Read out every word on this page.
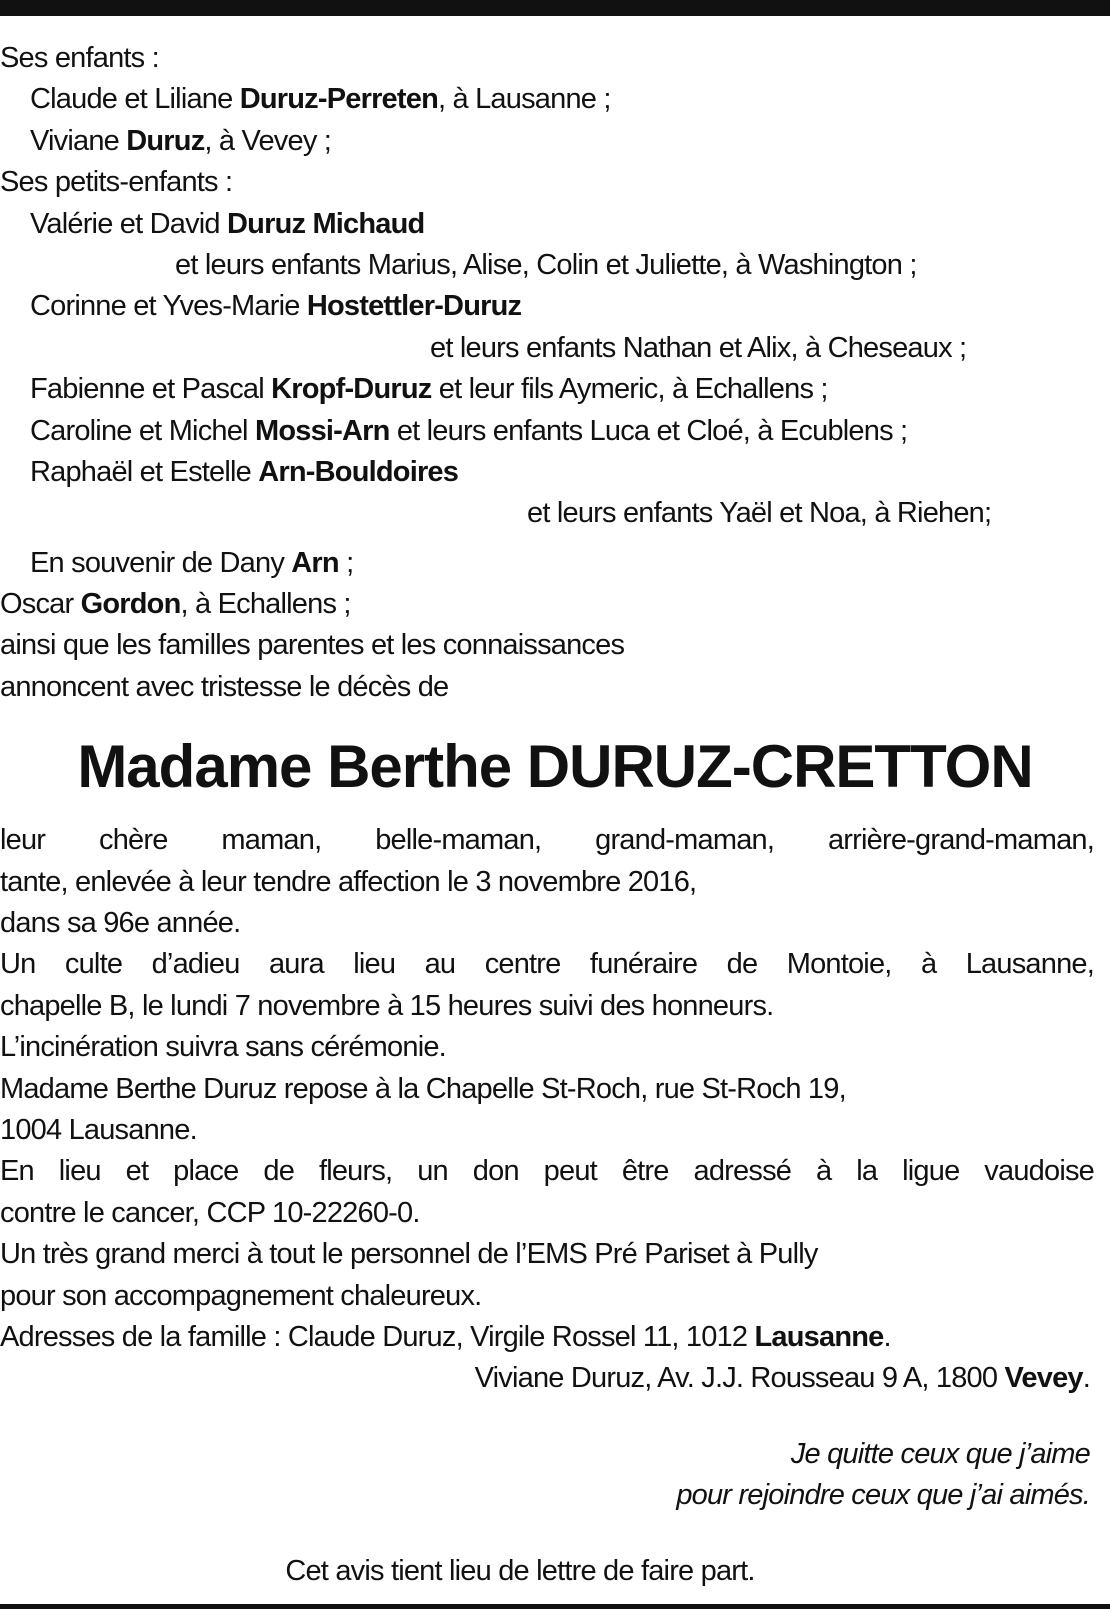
Ses enfants :
Claude et Liliane Duruz-Perreten, à Lausanne ;
Viviane Duruz, à Vevey ;
Ses petits-enfants :
Valérie et David Duruz Michaud
et leurs enfants Marius, Alise, Colin et Juliette, à Washington ;
Corinne et Yves-Marie Hostettler-Duruz
et leurs enfants Nathan et Alix, à Cheseaux ;
Fabienne et Pascal Kropf-Duruz et leur fils Aymeric, à Echallens ;
Caroline et Michel Mossi-Arn et leurs enfants Luca et Cloé, à Ecublens ;
Raphaël et Estelle Arn-Bouldoires
et leurs enfants Yaël et Noa, à Riehen;
En souvenir de Dany Arn ;
Oscar Gordon, à Echallens ;
ainsi que les familles parentes et les connaissances
annoncent avec tristesse le décès de
Madame Berthe DURUZ-CRETTON
leur chère maman, belle-maman, grand-maman, arrière-grand-maman,
tante, enlevée à leur tendre affection le 3 novembre 2016,
dans sa 96e année.
Un culte d’adieu aura lieu au centre funéraire de Montoie, à Lausanne,
chapelle B, le lundi 7 novembre à 15 heures suivi des honneurs.
L’incinération suivra sans cérémonie.
Madame Berthe Duruz repose à la Chapelle St-Roch, rue St-Roch 19,
1004 Lausanne.
En lieu et place de fleurs, un don peut être adressé à la ligue vaudoise
contre le cancer, CCP 10-22260-0.
Un très grand merci à tout le personnel de l’EMS Pré Pariset à Pully
pour son accompagnement chaleureux.
Adresses de la famille : Claude Duruz, Virgile Rossel 11, 1012 Lausanne.
Viviane Duruz, Av. J.J. Rousseau 9 A, 1800 Vevey.
Je quitte ceux que j’aime
pour rejoindre ceux que j’ai aimés.
Cet avis tient lieu de lettre de faire part.
